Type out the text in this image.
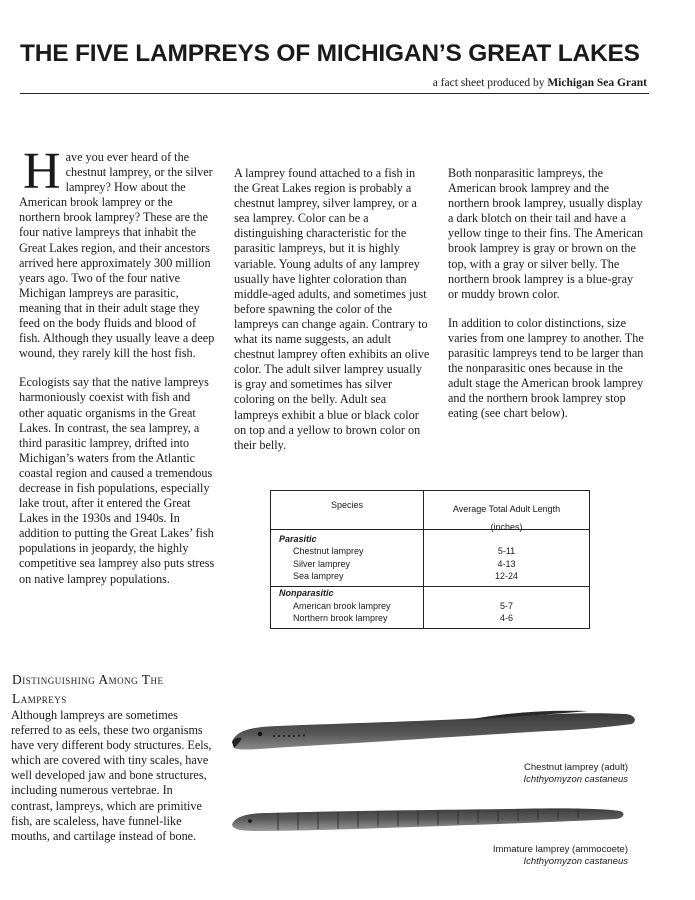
THE FIVE LAMPREYS OF MICHIGAN’S GREAT LAKES
a fact sheet produced by Michigan Sea Grant

Have you ever heard of the chestnut lamprey, or the silver lamprey? How about the American brook lamprey or the northern brook lamprey? These are the four native lampreys that inhabit the Great Lakes region, and their ancestors arrived here approximately 300 million years ago. Two of the four native Michigan lampreys are parasitic, meaning that in their adult stage they feed on the body fluids and blood of fish. Although they usually leave a deep wound, they rarely kill the host fish.

Ecologists say that the native lampreys harmoniously coexist with fish and other aquatic organisms in the Great Lakes. In contrast, the sea lamprey, a third parasitic lamprey, drifted into Michigan’s waters from the Atlantic coastal region and caused a tremendous decrease in fish populations, especially lake trout, after it entered the Great Lakes in the 1930s and 1940s. In addition to putting the Great Lakes’ fish populations in jeopardy, the highly competitive sea lamprey also puts stress on native lamprey populations.

A lamprey found attached to a fish in the Great Lakes region is probably a chestnut lamprey, silver lamprey, or a sea lamprey. Color can be a distinguishing characteristic for the parasitic lampreys, but it is highly variable. Young adults of any lamprey usually have lighter coloration than middle-aged adults, and sometimes just before spawning the color of the lampreys can change again. Contrary to what its name suggests, an adult chestnut lamprey often exhibits an olive color. The adult silver lamprey usually is gray and sometimes has silver coloring on the belly. Adult sea lampreys exhibit a blue or black color on top and a yellow to brown color on their belly.

Both nonparasitic lampreys, the American brook lamprey and the northern brook lamprey, usually display a dark blotch on their tail and have a yellow tinge to their fins. The American brook lamprey is gray or brown on the top, with a gray or silver belly. The northern brook lamprey is a blue-gray or muddy brown color.

In addition to color distinctions, size varies from one lamprey to another. The parasitic lampreys tend to be larger than the nonparasitic ones because in the adult stage the American brook lamprey and the northern brook lamprey stop eating (see chart below).

Species	Average Total Adult Length
(inches)
Parasitic
Chestnut lamprey	5-11
Silver lamprey	4-13
Sea lamprey	12-24
Nonparasitic
American brook lamprey	5-7
Northern brook lamprey	4-6
Distinguishing Among The
Lampreys
Although lampreys are sometimes referred to as eels, these two organisms have very different body structures. Eels, which are covered with tiny scales, have well developed jaw and bone structures, including numerous vertebrae. In contrast, lampreys, which are primitive fish, are scaleless, have funnel-like mouths, and cartilage instead of bone.
Chestnut lamprey (adult)
Ichthyomyzon castaneus
Immature lamprey (ammocoete)
Ichthyomyzon castaneus
